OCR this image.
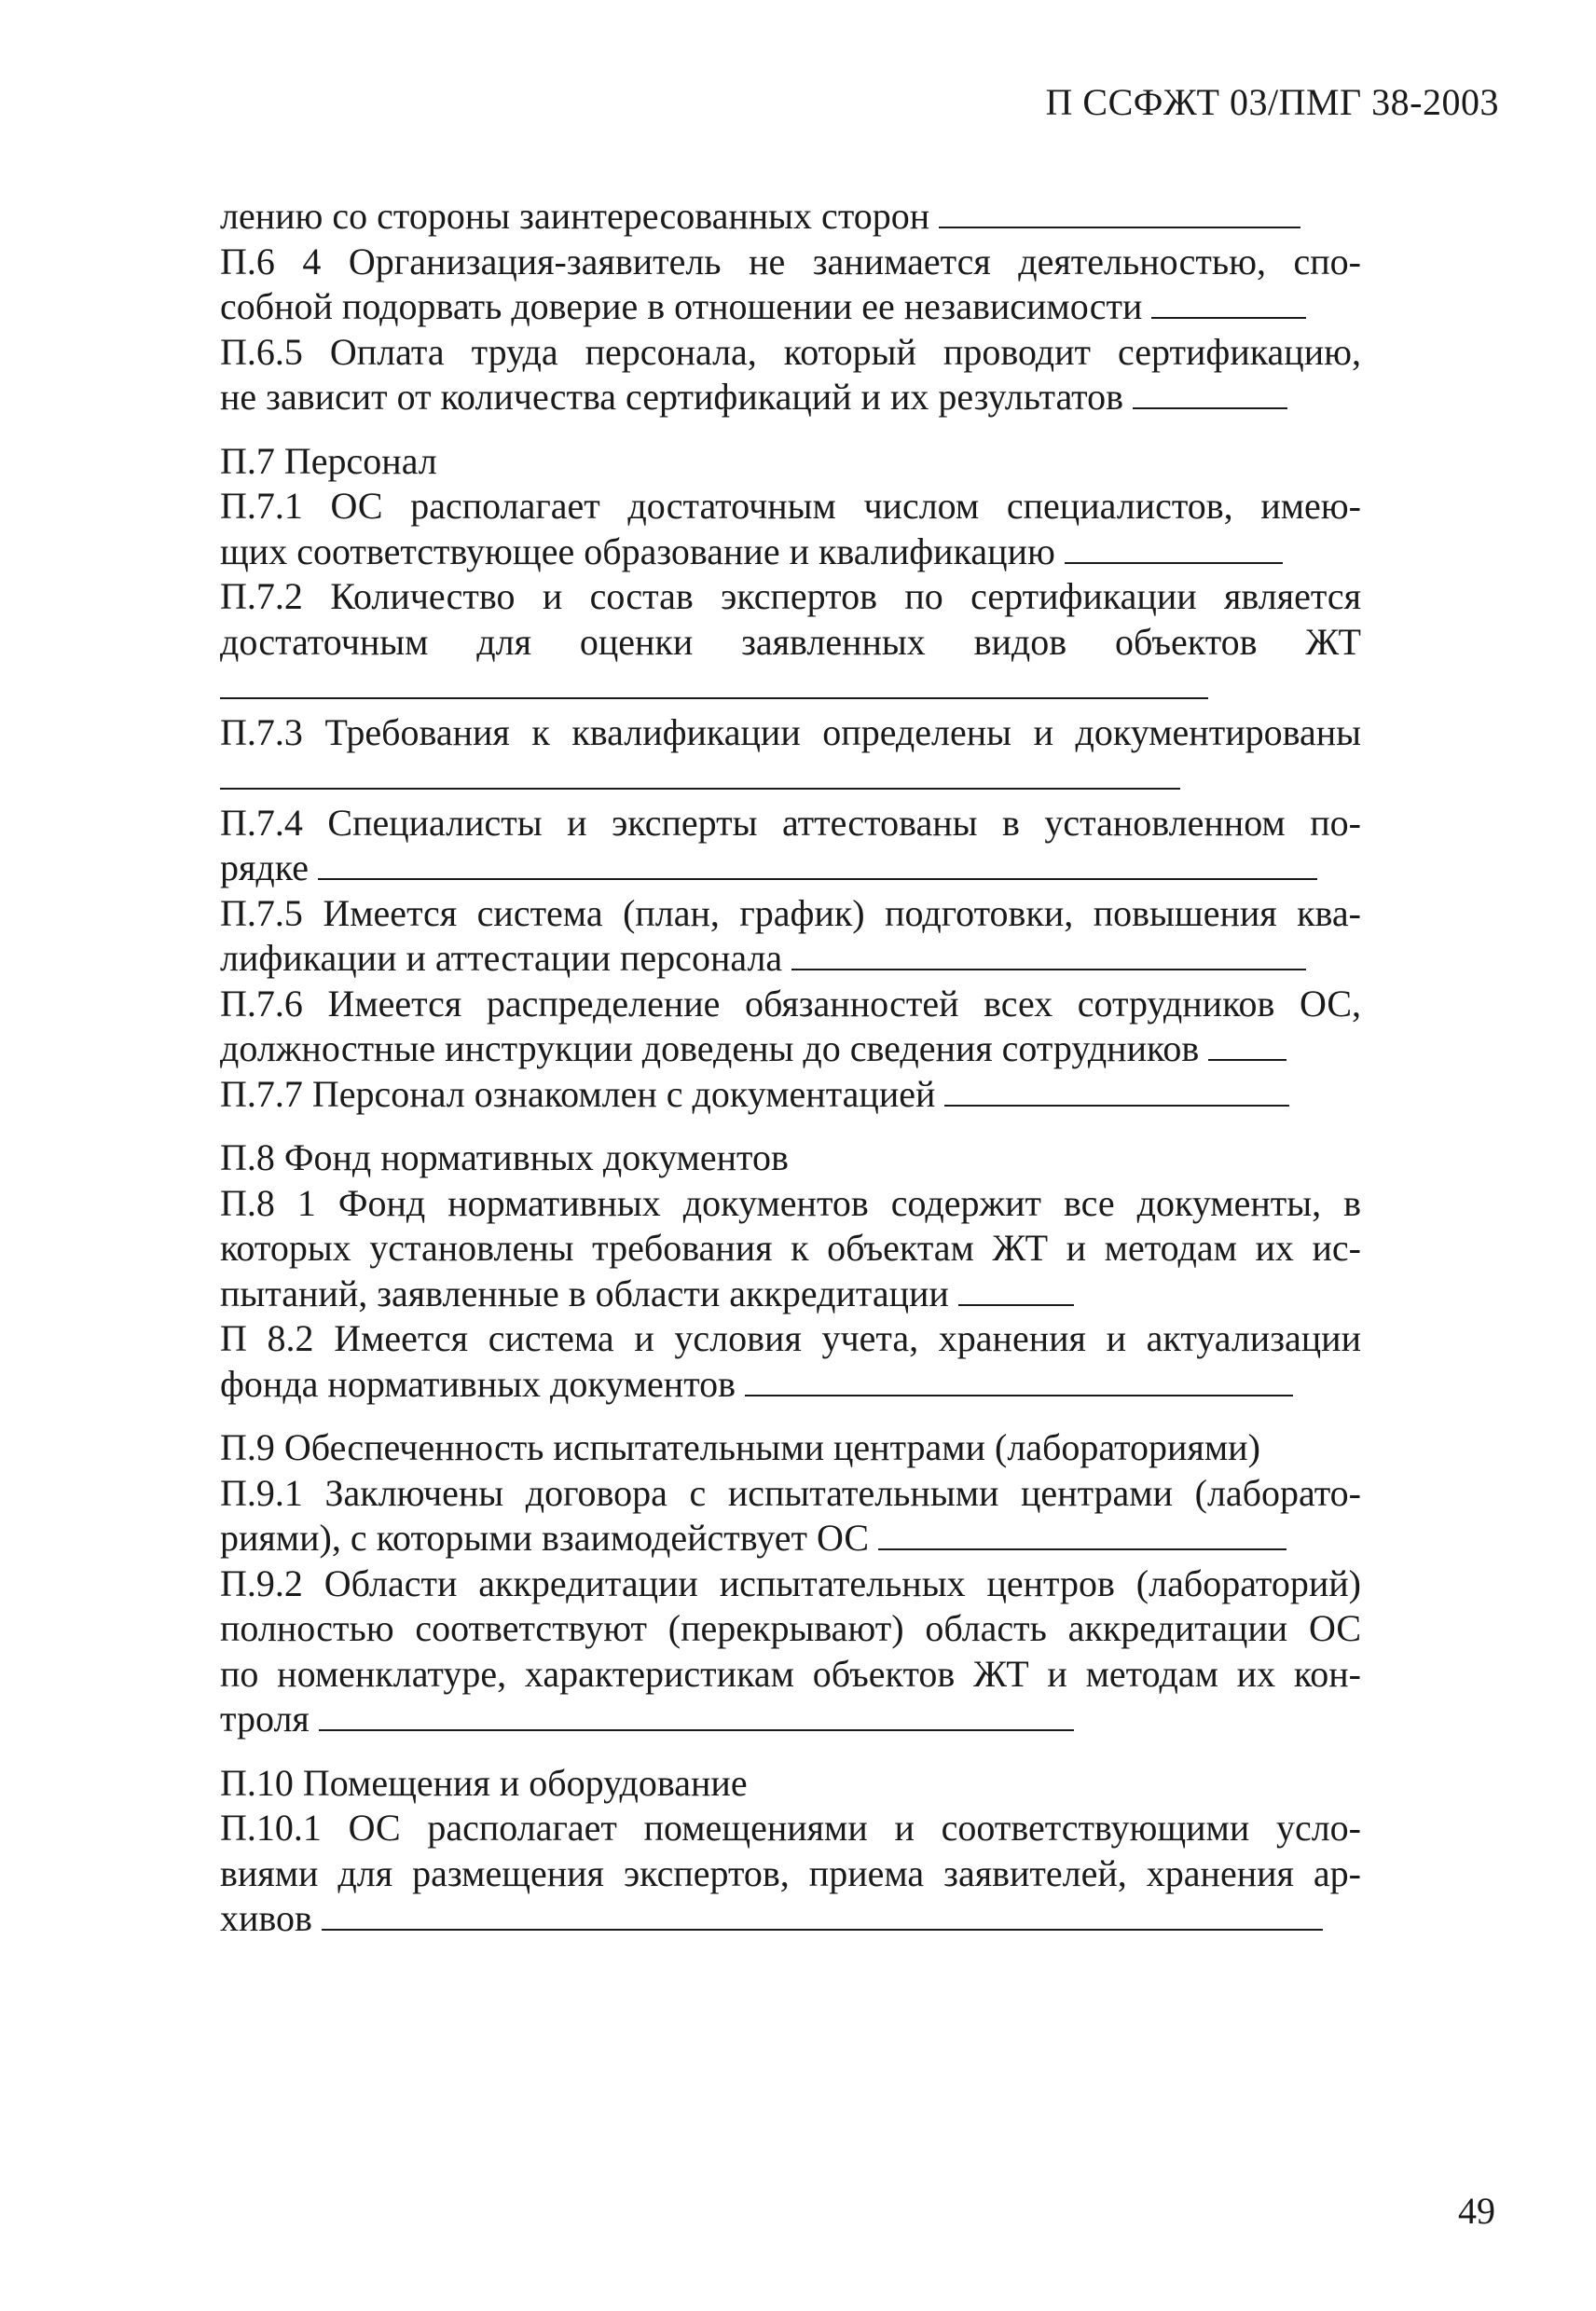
П ССФЖТ 03/ПМГ 38-2003
лению со стороны заинтересованных сторон
П.6 4 Организация-заявитель не занимается деятельностью, спо-
собной подорвать доверие в отношении ее независимости
П.6.5 Оплата труда персонала, который проводит сертификацию,
не зависит от количества сертификаций и их результатов
П.7 Персонал
П.7.1 ОС располагает достаточным числом специалистов, имею-
щих соответствующее образование и квалификацию
П.7.2 Количество и состав экспертов по сертификации является
достаточным для оценки заявленных видов объектов ЖТ
П.7.3 Требования к квалификации определены и документированы
П.7.4 Специалисты и эксперты аттестованы в установленном по-
рядке
П.7.5 Имеется система (план, график) подготовки, повышения ква-
лификации и аттестации персонала
П.7.6 Имеется распределение обязанностей всех сотрудников ОС,
должностные инструкции доведены до сведения сотрудников
П.7.7 Персонал ознакомлен с документацией
П.8 Фонд нормативных документов
П.8 1 Фонд нормативных документов содержит все документы, в
которых установлены требования к объектам ЖТ и методам их ис-
пытаний, заявленные в области аккредитации
П 8.2 Имеется система и условия учета, хранения и актуализации
фонда нормативных документов
П.9 Обеспеченность испытательными центрами (лабораториями)
П.9.1 Заключены договора с испытательными центрами (лаборато-
риями), с которыми взаимодействует ОС
П.9.2 Области аккредитации испытательных центров (лабораторий)
полностью соответствуют (перекрывают) область аккредитации ОС
по номенклатуре, характеристикам объектов ЖТ и методам их кон-
троля
П.10 Помещения и оборудование
П.10.1 ОС располагает помещениями и соответствующими усло-
виями для размещения экспертов, приема заявителей, хранения ар-
хивов
49
